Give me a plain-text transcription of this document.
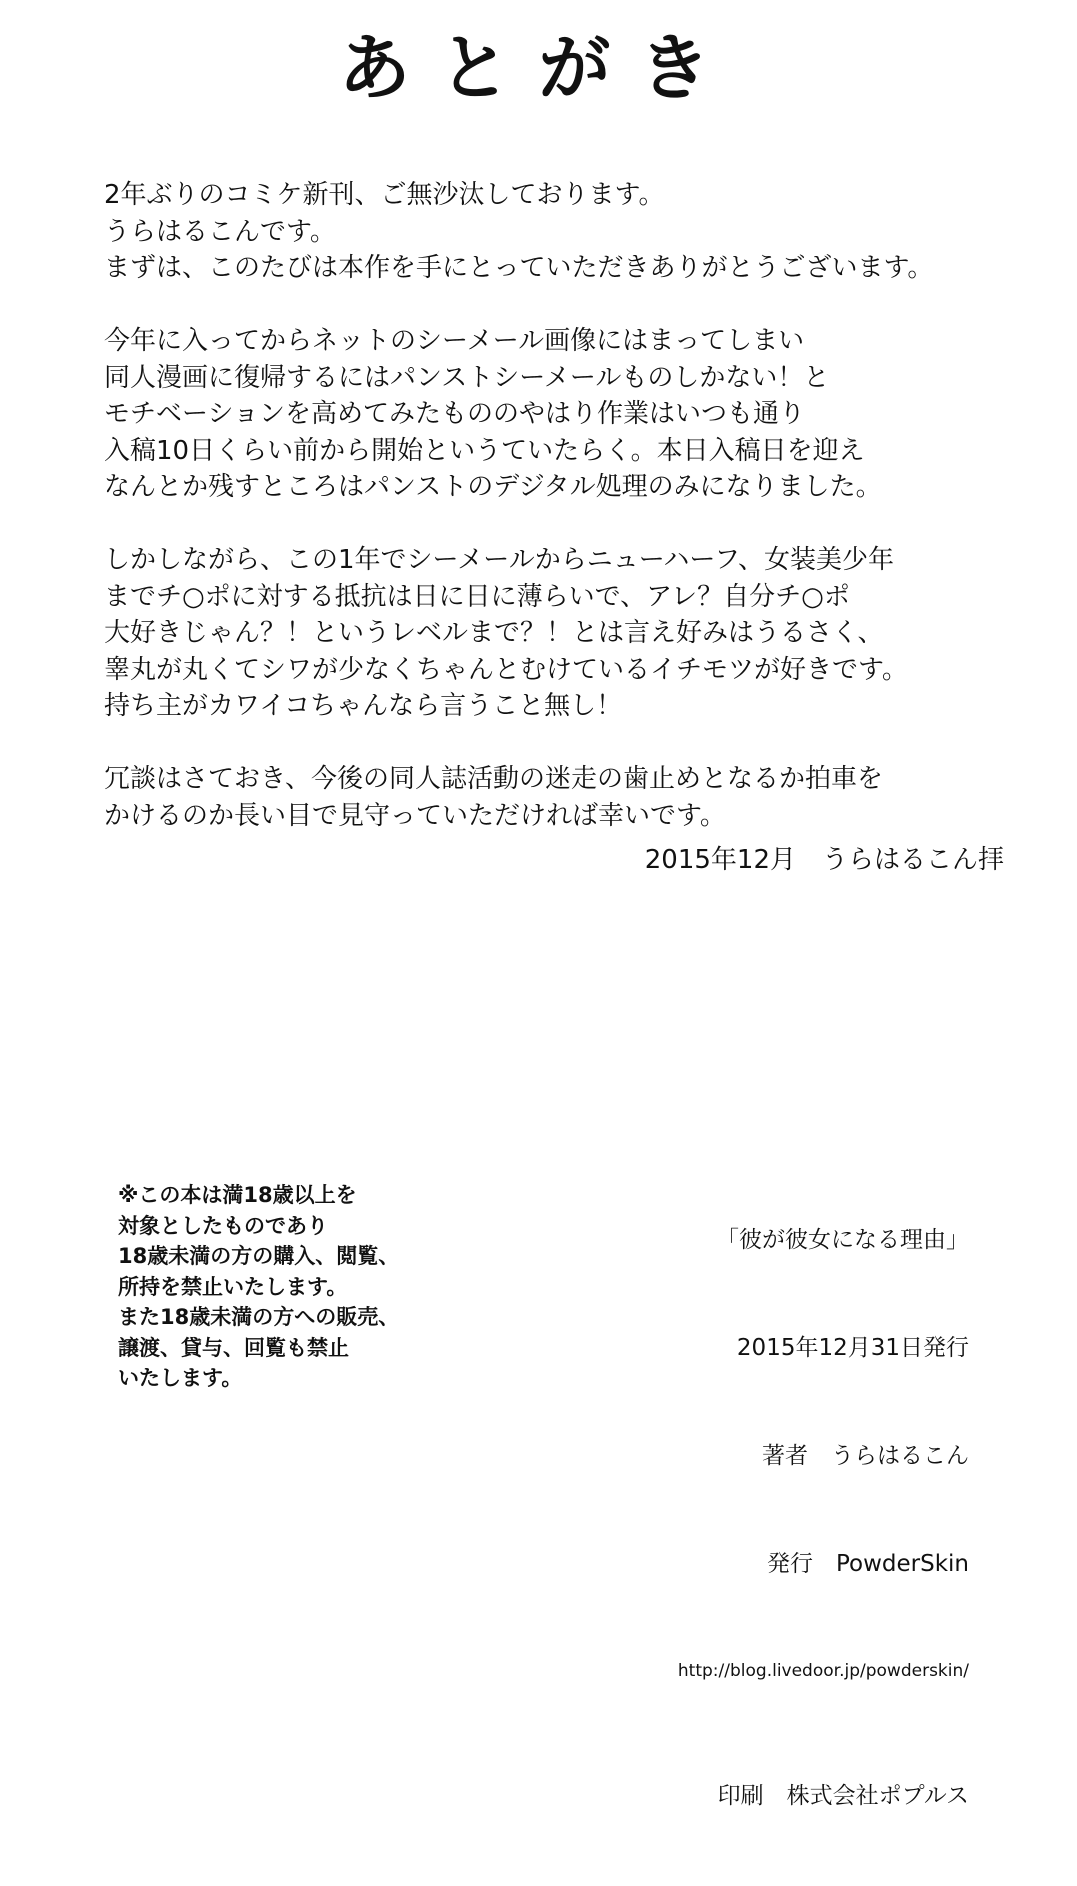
あとがき
2年ぶりのコミケ新刊、ご無沙汰しております。
うらはるこんです。
まずは、このたびは本作を手にとっていただきありがとうございます。
今年に入ってからネットのシーメール画像にはまってしまい
同人漫画に復帰するにはパンストシーメールものしかない！と
モチベーションを高めてみたもののやはり作業はいつも通り
入稿10日くらい前から開始というていたらく。本日入稿日を迎え
なんとか残すところはパンストのデジタル処理のみになりました。
しかしながら、この1年でシーメールからニューハーフ、女装美少年
までチ○ポに対する抵抗は日に日に薄らいで、アレ？自分チ○ポ
大好きじゃん？！というレベルまで？！とは言え好みはうるさく、
睾丸が丸くてシワが少なくちゃんとむけているイチモツが好きです。
持ち主がカワイコちゃんなら言うこと無し！
冗談はさておき、今後の同人誌活動の迷走の歯止めとなるか拍車を
かけるのか長い目で見守っていただければ幸いです。
2015年12月　うらはるこん拝
※この本は満18歳以上を
対象としたものであり
18歳未満の方の購入、閲覧、
所持を禁止いたします。
また18歳未満の方への販売、
譲渡、貸与、回覧も禁止
いたします。

「彼が彼女になる理由」

2015年12月31日発行

著者　うらはるこん

発行　PowderSkin

http://blog.livedoor.jp/powderskin/

印刷　株式会社ポプルス
